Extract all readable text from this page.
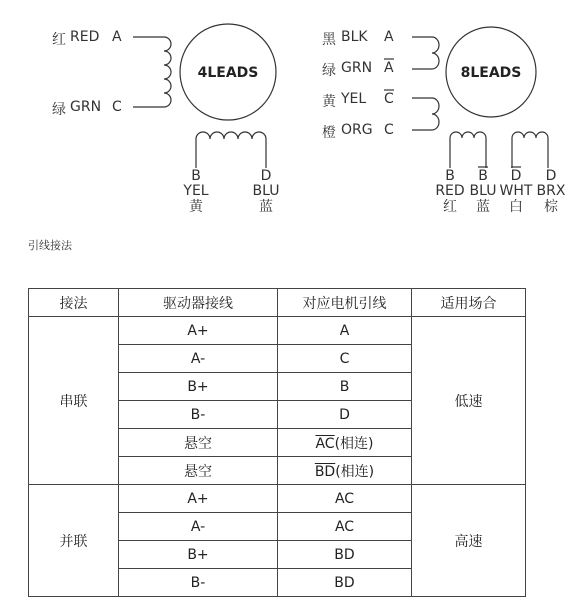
4LEADS
红 RED A
绿 GRN C
B
YEL
黄
D
BLU
蓝
8LEADS
黑 BLK A
绿 GRN A
黄 YEL C
橙 ORG C
B
RED
红
B
BLU
蓝
D
WHT
白
D
BRX
棕
引线接法
接法	驱动器接线	对应电机引线	适用场合
串联	A+	A	低速
	A-	C	
	B+	B	
	B-	D	
	悬空	$\overline{AC}$(相连)	
	悬空	$\overline{BD}$(相连)	
并联	A+	AC	高速
	A-	AC	
	B+	BD	
	B-	BD	
